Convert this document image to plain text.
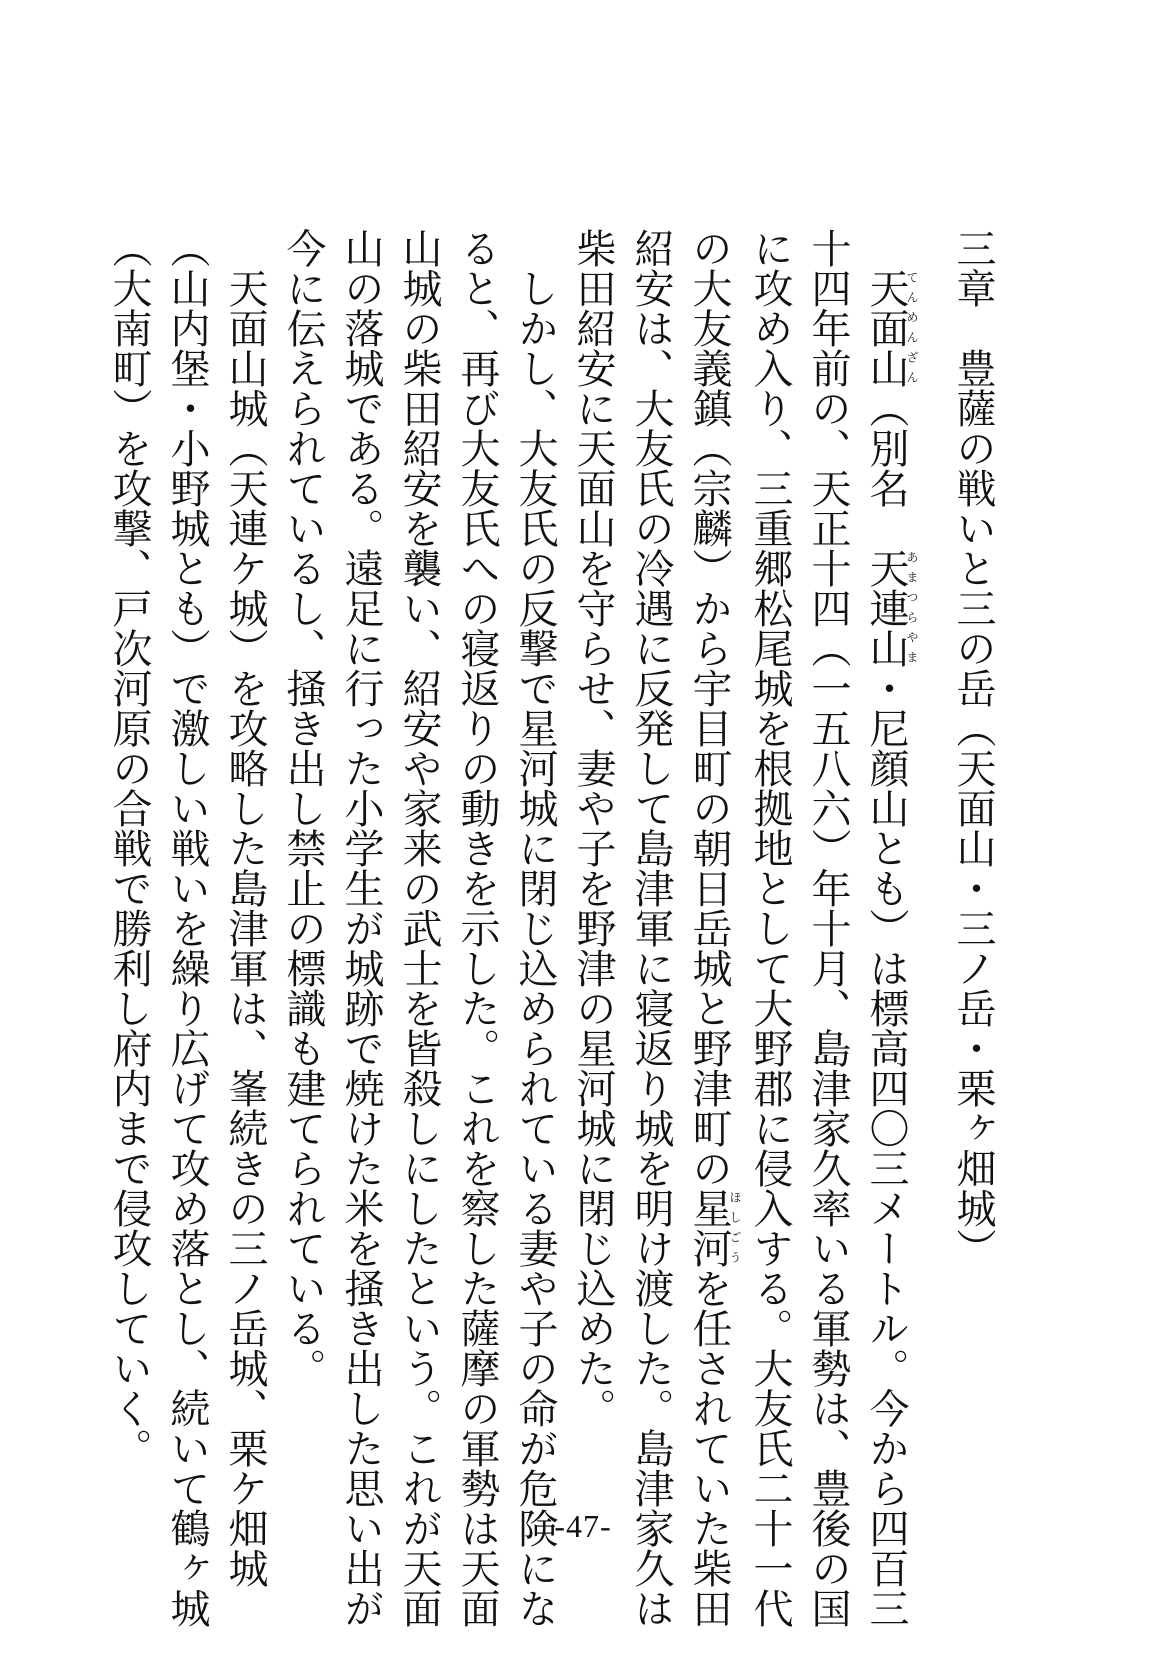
三章　豊薩の戦いと三の岳（天面山・三ノ岳・栗ヶ畑城）
天面山てんめんざん（別名　天連山あまつらやま・尼顔山とも）は標高四〇三メートル。今から四百三
十四年前の、天正十四（一五八六）年十月、島津家久率いる軍勢は、豊後の国
に攻め入り、三重郷松尾城を根拠地として大野郡に侵入する。大友氏二十一代
の大友義鎮（宗麟）から宇目町の朝日岳城と野津町の星河ほしごうを任されていた柴田
紹安は、大友氏の冷遇に反発して島津軍に寝返り城を明け渡した。島津家久は
柴田紹安に天面山を守らせ、妻や子を野津の星河城に閉じ込めた。
しかし、大友氏の反撃で星河城に閉じ込められている妻や子の命が危険にな
ると、再び大友氏への寝返りの動きを示した。これを察した薩摩の軍勢は天面
山城の柴田紹安を襲い、紹安や家来の武士を皆殺しにしたという。これが天面
山の落城である。遠足に行った小学生が城跡で焼けた米を掻き出した思い出が
今に伝えられているし、掻き出し禁止の標識も建てられている。
天面山城（天連ケ城）を攻略した島津軍は、峯続きの三ノ岳城、栗ケ畑城
（山内堡・小野城とも）で激しい戦いを繰り広げて攻め落とし、続いて鶴ヶ城
（大南町）を攻撃、戸次河原の合戦で勝利し府内まで侵攻していく。
-47-
